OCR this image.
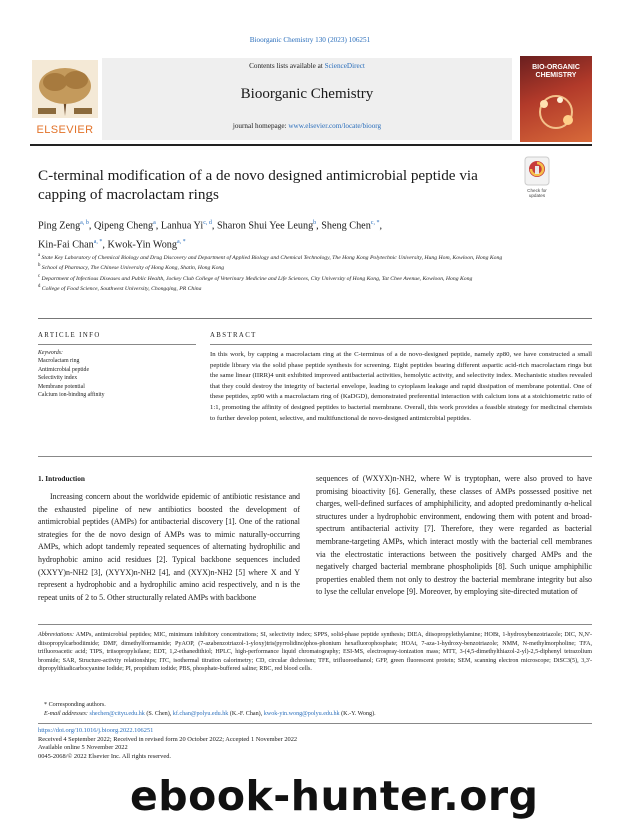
Bioorganic Chemistry 130 (2023) 106251
ELSEVIER
Contents lists available at ScienceDirect
Bioorganic Chemistry
journal homepage: www.elsevier.com/locate/bioorg
BIO-ORGANIC CHEMISTRY
C-terminal modification of a de novo designed antimicrobial peptide via
capping of macrolactam rings	Check for
updates
Ping Zeng$^{a, b}$, Qipeng Cheng$^a$, Lanhua Yi$^{c, d}$, Sharon Shui Yee Leung$^b$, Sheng Chen$^{c, *}$,
Kin-Fai Chan$^{a, *}$, Kwok-Yin Wong$^{a, *}$
$^a$ State Key Laboratory of Chemical Biology and Drug Discovery and Department of Applied Biology and Chemical Technology, The Hong Kong Polytechnic University, Hung Hom, Kowloon, Hong Kong
$^b$ School of Pharmacy, The Chinese University of Hong Kong, Shatin, Hong Kong
$^c$ Department of Infectious Diseases and Public Health, Jockey Club College of Veterinary Medicine and Life Sciences, City University of Hong Kong, Tat Chee Avenue, Kowloon, Hong Kong
$^d$ College of Food Science, Southwest University, Chongqing, PR China
ARTICLE INFO	ABSTRACT
Keywords:
Macrolactam ring
Antimicrobial peptide
Selectivity index
Membrane potential
Calcium ion-binding affinity
In this work, by capping a macrolactam ring at the C-terminus of a de novo-designed peptide, namely zp80, we have constructed a small peptide library via the solid phase peptide synthesis for screening. Eight peptides bearing different aspartic acid-rich macrolactam rings but the same linear (IIRR)4 unit exhibited improved antibacterial activities, hemolytic activity, and selectivity index. Mechanistic studies revealed that they could destroy the integrity of bacterial envelope, leading to cytoplasm leakage and rapid dissipation of membrane potential. One of these peptides, zp90 with a macrolactam ring of (KaDGD), demonstrated preferential interaction with calcium ions at a stoichiometric ratio of 1:1, promoting the affinity of designed peptides to bacterial membrane. Overall, this work provides a feasible strategy for medicinal chemists to further develop potent, selective, and multifunctional de novo-designed antimicrobial peptides.
1. Introduction

Increasing concern about the worldwide epidemic of antibiotic resistance and the exhausted pipeline of new antibiotics boosted the development of antimicrobial peptides (AMPs) for antibacterial discovery [1]. One of the rational strategies for the de novo design of AMPs was to mimic naturally-occurring AMPs, which adopt tandemly repeated sequences of alternating hydrophilic and hydrophobic amino acid residues [2]. Typical backbone sequences included (XXYY)n-NH2 [3], (XYYX)n-NH2 [4], and (XYX)n-NH2 [5] where X and Y represent a hydrophobic and a hydrophilic amino acid respectively, and n is the repeat units of 2 to 5. Other structurally related AMPs with backbone

sequences of (WXYX)n-NH2, where W is tryptophan, were also proved to have promising bioactivity [6]. Generally, these classes of AMPs possessed positive net charges, well-defined surfaces of amphiphilicity, and adopted predominantly α-helical structures under a hydrophobic environment, endowing them with potent and broad-spectrum antibacterial activity [7]. Therefore, they were regarded as bacterial membrane-targeting AMPs, which interact mostly with the bacterial cell membranes via the electrostatic interactions between the positively charged AMPs and the negatively charged bacterial membrane phospholipids [8]. Such unique amphiphilic properties enabled them not only to destroy the bacterial membrane integrity but also to lyse the cellular envelope [9]. Moreover, by employing site-directed mutation of

Abbreviations: AMPs, antimicrobial peptides; MIC, minimum inhibitory concentrations; SI, selectivity index; SPPS, solid-phase peptide synthesis; DIEA, diisopropylethylamine; HOBt, 1-hydroxybenzotriazole; DIC, N,N'-diisopropylcarbodiimide; DMF, dimethylformamide; PyAOP, (7-azabenzotriazol-1-yloxy)tris(pyrrolidino)phos-phonium hexafluorophosphate; HOAt, 7-aza-1-hydroxy-benzotriazole; NMM, N-methylmorpholine; TFA, trifluoroacetic acid; TIPS, triisopropylsilane; EDT, 1,2-ethanedithiol; HPLC, high-performance liquid chromatography; ESI-MS, electrospray-ionization mass; MTT, 3-(4,5-dimethylthiazol-2-yl)-2,5-diphenyl tetrazolium bromide; SAR, Structure-activity relationships; ITC, isothermal titration calorimetry; CD, circular dichroism; TFE, trifluoroethanol; GFP, green fluorescent protein; SEM, scanning electron microscope; DiSC3(5), 3,3'-dipropylthiadicarbocyanine Iodide; PI, propidium iodide; PBS, phosphate-buffered saline; RBC, red blood cells.
* Corresponding authors.
E-mail addresses: shechen@cityu.edu.hk (S. Chen), kf.chan@polyu.edu.hk (K.-F. Chan), kwok-yin.wong@polyu.edu.hk (K.-Y. Wong).
https://doi.org/10.1016/j.bioorg.2022.106251
Received 4 September 2022; Received in revised form 20 October 2022; Accepted 1 November 2022
Available online 5 November 2022
0045-2068/© 2022 Elsevier Inc. All rights reserved.
ebook-hunter.org
